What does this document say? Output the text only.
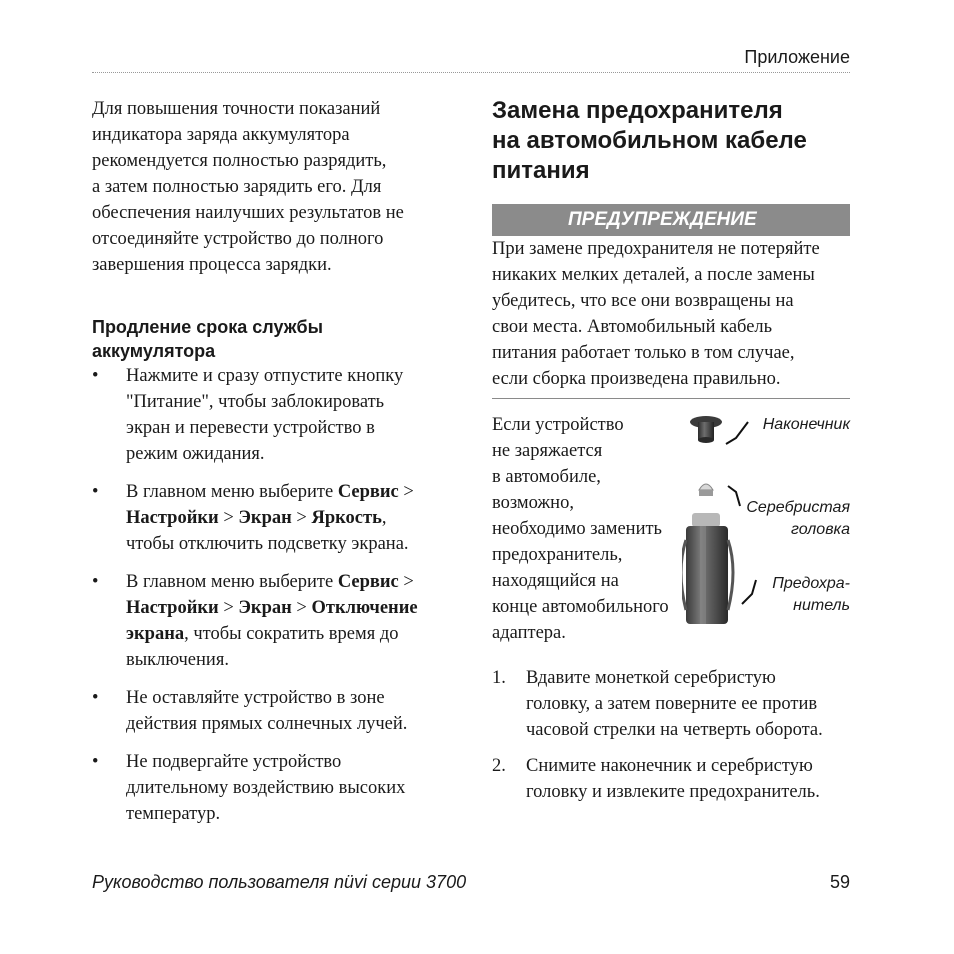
Приложение

Для повышения точности показаний
индикатора заряда аккумулятора
рекомендуется полностью разрядить,
а затем полностью зарядить его. Для
обеспечения наилучших результатов не
отсоединяйте устройство до полного
завершения процесса зарядки.

Продление срока службы
аккумулятора
• Нажмите и сразу отпустите кнопку
"Питание", чтобы заблокировать
экран и перевести устройство в
режим ожидания.
• В главном меню выберите Сервис >
Настройки > Экран > Яркость,
чтобы отключить подсветку экрана.
• В главном меню выберите Сервис >
Настройки > Экран > Отключение
экрана, чтобы сократить время до
выключения.
• Не оставляйте устройство в зоне
действия прямых солнечных лучей.
• Не подвергайте устройство
длительному воздействию высоких
температур.
Замена предохранителя
на автомобильном кабеле
питания
ПРЕДУПРЕЖДЕНИЕ

При замене предохранителя не потеряйте
никаких мелких деталей, а после замены
убедитесь, что все они возвращены на
свои места. Автомобильный кабель
питания работает только в том случае,
если сборка произведена правильно.

Если устройство
не заряжается
в автомобиле,
возможно,
необходимо заменить
предохранитель,
находящийся на
конце автомобильного
адаптера.
Наконечник
Серебристая
головка
Предохра-
нитель
1. Вдавите монеткой серебристую
головку, а затем поверните ее против
часовой стрелки на четверть оборота.
2. Снимите наконечник и серебристую
головку и извлеките предохранитель.
Руководство пользователя nüvi серии 3700	59
